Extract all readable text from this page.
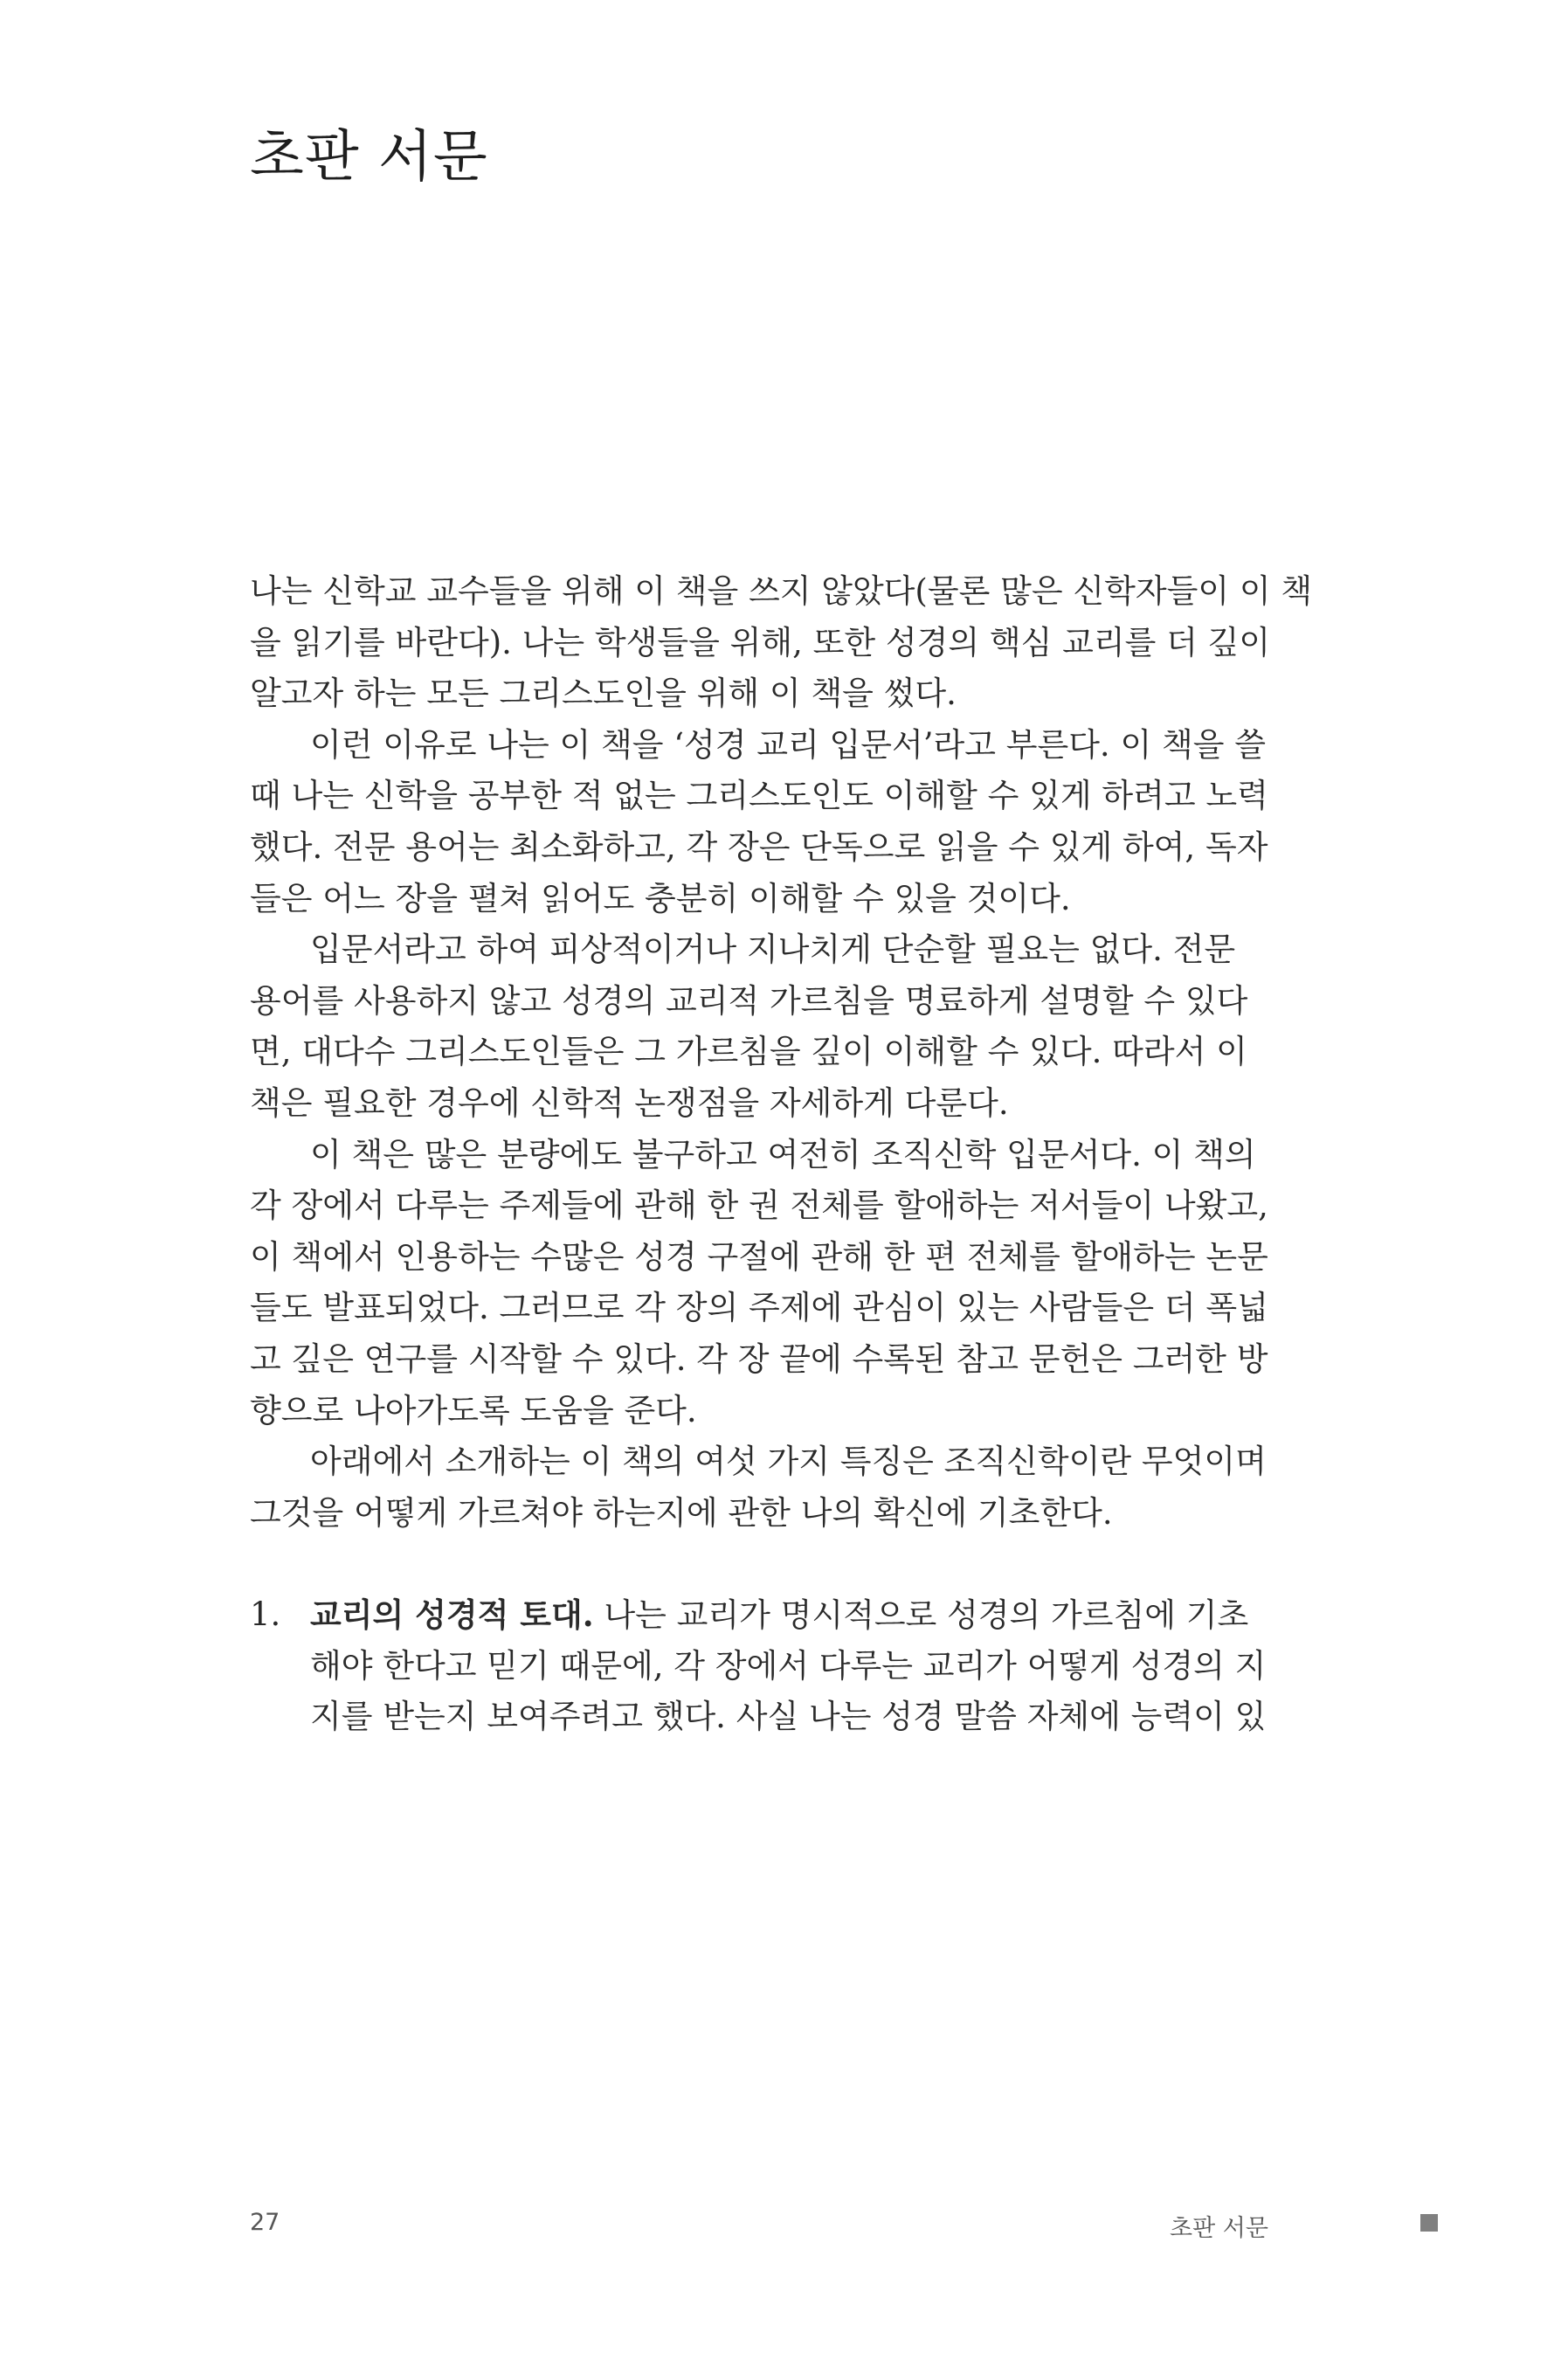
초판 서문
나는 신학교 교수들을 위해 이 책을 쓰지 않았다(물론 많은 신학자들이 이 책
을 읽기를 바란다). 나는 학생들을 위해, 또한 성경의 핵심 교리를 더 깊이
알고자 하는 모든 그리스도인을 위해 이 책을 썼다.
이런 이유로 나는 이 책을 ‘성경 교리 입문서’라고 부른다. 이 책을 쓸
때 나는 신학을 공부한 적 없는 그리스도인도 이해할 수 있게 하려고 노력
했다. 전문 용어는 최소화하고, 각 장은 단독으로 읽을 수 있게 하여, 독자
들은 어느 장을 펼쳐 읽어도 충분히 이해할 수 있을 것이다.
입문서라고 하여 피상적이거나 지나치게 단순할 필요는 없다. 전문
용어를 사용하지 않고 성경의 교리적 가르침을 명료하게 설명할 수 있다
면, 대다수 그리스도인들은 그 가르침을 깊이 이해할 수 있다. 따라서 이
책은 필요한 경우에 신학적 논쟁점을 자세하게 다룬다.
이 책은 많은 분량에도 불구하고 여전히 조직신학 입문서다. 이 책의
각 장에서 다루는 주제들에 관해 한 권 전체를 할애하는 저서들이 나왔고,
이 책에서 인용하는 수많은 성경 구절에 관해 한 편 전체를 할애하는 논문
들도 발표되었다. 그러므로 각 장의 주제에 관심이 있는 사람들은 더 폭넓
고 깊은 연구를 시작할 수 있다. 각 장 끝에 수록된 참고 문헌은 그러한 방
향으로 나아가도록 도움을 준다.
아래에서 소개하는 이 책의 여섯 가지 특징은 조직신학이란 무엇이며
그것을 어떻게 가르쳐야 하는지에 관한 나의 확신에 기초한다.
1. 교리의 성경적 토대. 나는 교리가 명시적으로 성경의 가르침에 기초
해야 한다고 믿기 때문에, 각 장에서 다루는 교리가 어떻게 성경의 지
지를 받는지 보여주려고 했다. 사실 나는 성경 말씀 자체에 능력이 있
27	초판 서문
